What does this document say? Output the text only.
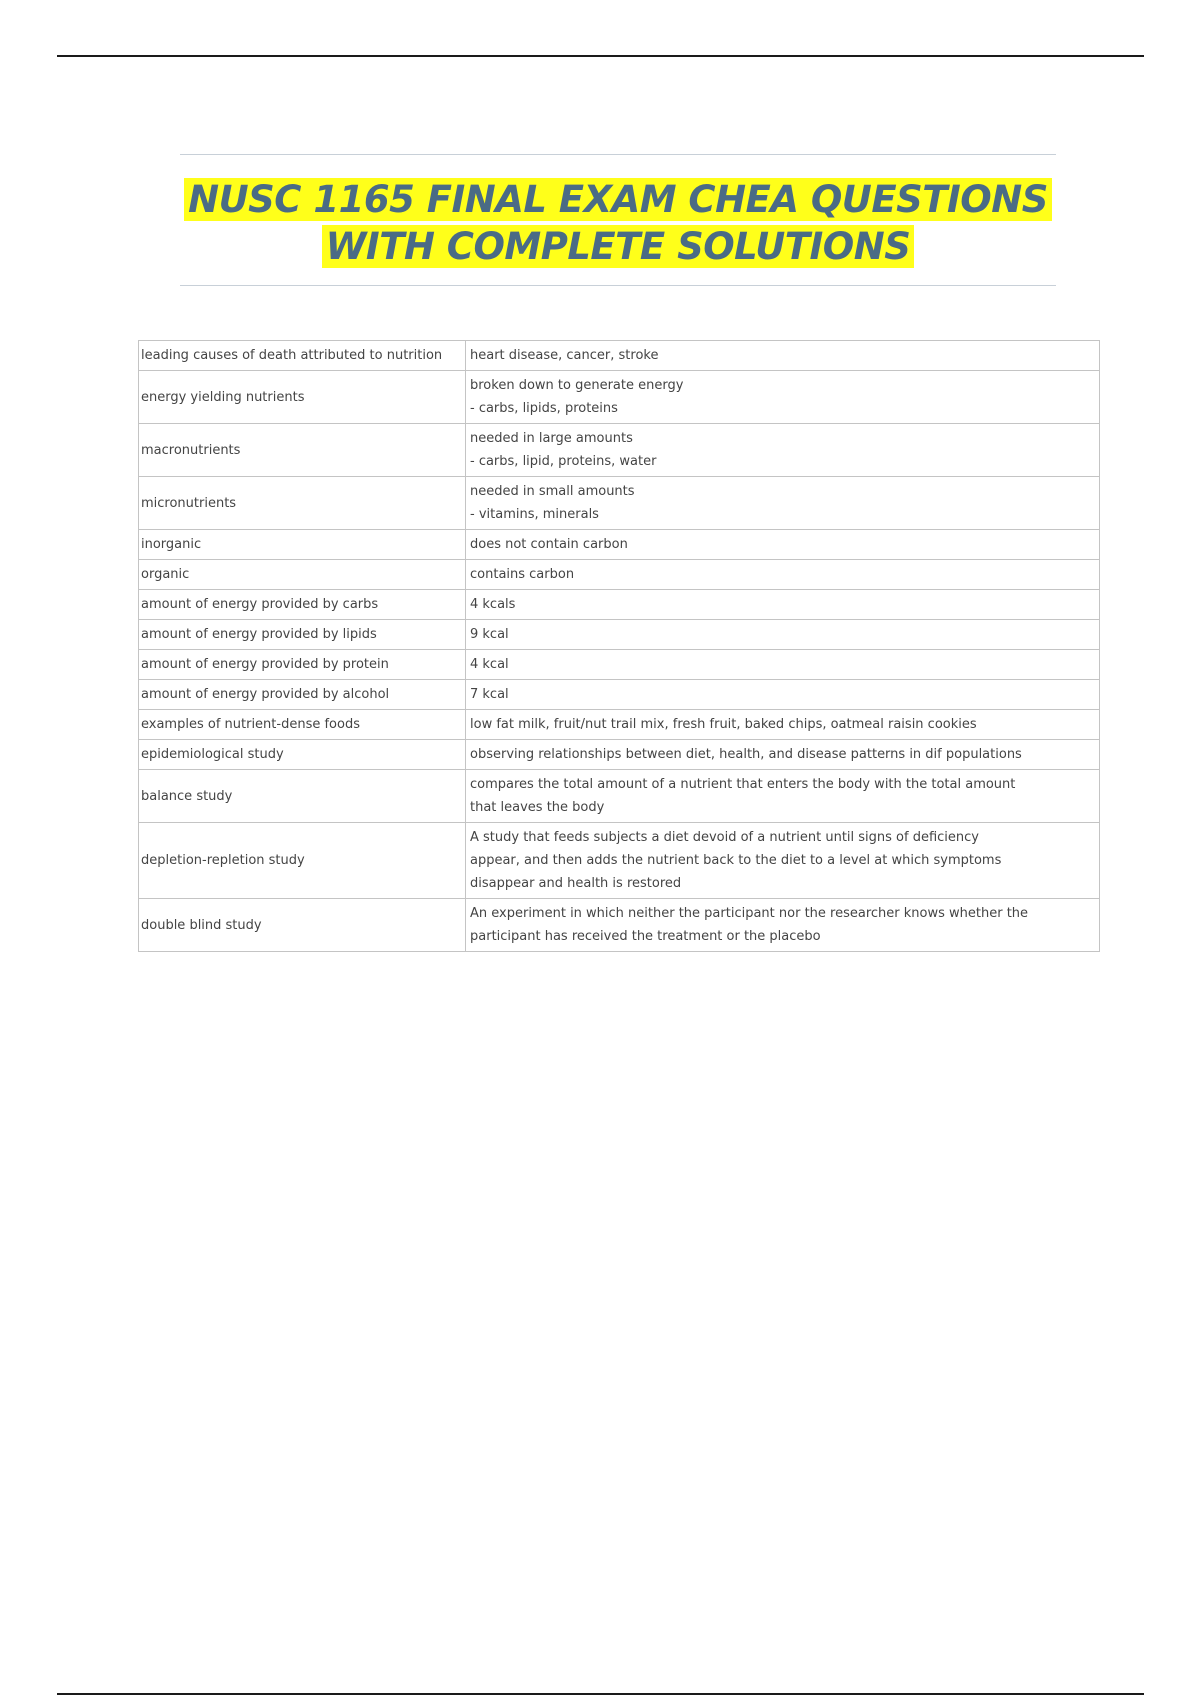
NUSC 1165 FINAL EXAM CHEA QUESTIONS
WITH COMPLETE SOLUTIONS
leading causes of death attributed to nutrition	heart disease, cancer, stroke

energy yielding nutrients	broken down to generate energy
- carbs, lipids, proteins

macronutrients	needed in large amounts
- carbs, lipid, proteins, water

micronutrients	needed in small amounts
- vitamins, minerals

inorganic	does not contain carbon

organic	contains carbon

amount of energy provided by carbs	4 kcals

amount of energy provided by lipids	9 kcal

amount of energy provided by protein	4 kcal

amount of energy provided by alcohol	7 kcal

examples of nutrient-dense foods	low fat milk, fruit/nut trail mix, fresh fruit, baked chips, oatmeal raisin cookies

epidemiological study	observing relationships between diet, health, and disease patterns in dif populations

balance study	compares the total amount of a nutrient that enters the body with the total amount
that leaves the body

depletion-repletion study	A study that feeds subjects a diet devoid of a nutrient until signs of deficiency
appear, and then adds the nutrient back to the diet to a level at which symptoms
disappear and health is restored

double blind study	An experiment in which neither the participant nor the researcher knows whether the
participant has received the treatment or the placebo
